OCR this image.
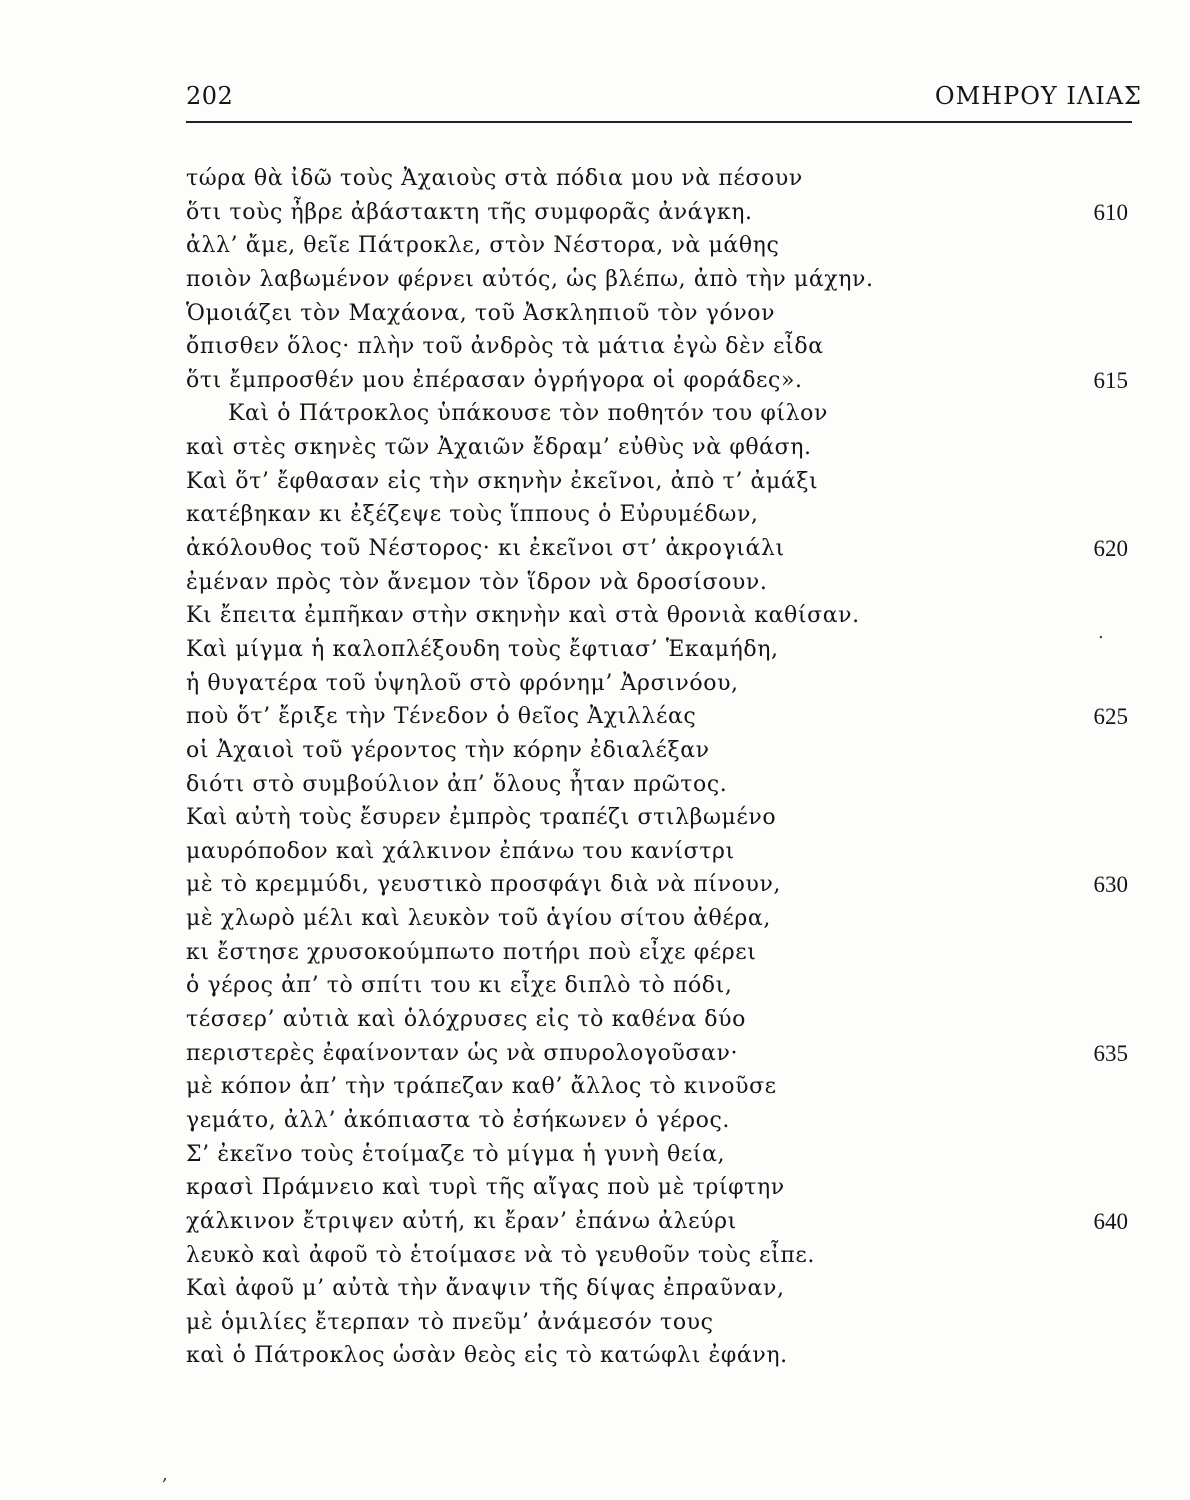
202	ΟΜΗΡΟΥ ΙΛΙΑΣ
τώρα θὰ ἰδῶ τοὺς Ἀχαιοὺς στὰ πόδια μου νὰ πέσουν
ὅτι τοὺς ἦβρε ἀβάστακτη τῆς συμφορᾶς ἀνάγκη.	610
ἀλλ’ ἄμε, θεῖε Πάτροκλε, στὸν Νέστορα, νὰ μάθης
ποιὸν λαβωμένον φέρνει αὐτός, ὡς βλέπω, ἀπὸ τὴν μάχην.
Ὁμοιάζει τὸν Μαχάονα, τοῦ Ἀσκληπιοῦ τὸν γόνον
ὄπισθεν ὅλος· πλὴν τοῦ ἀνδρὸς τὰ μάτια ἐγὼ δὲν εἶδα
ὅτι ἔμπροσθέν μου ἐπέρασαν ὀγρήγορα οἱ φοράδες».	615
Καὶ ὁ Πάτροκλος ὑπάκουσε τὸν ποθητόν του φίλον
καὶ στὲς σκηνὲς τῶν Ἀχαιῶν ἔδραμ’ εὐθὺς νὰ φθάση.
Καὶ ὅτ’ ἔφθασαν εἰς τὴν σκηνὴν ἐκεῖνοι, ἀπὸ τ’ ἀμάξι
κατέβηκαν κι ἐξέζεψε τοὺς ἵππους ὁ Εὐρυμέδων,
ἀκόλουθος τοῦ Νέστορος· κι ἐκεῖνοι στ’ ἀκρογιάλι	620
ἐμέναν πρὸς τὸν ἄνεμον τὸν ἵδρον νὰ δροσίσουν.
Κι ἔπειτα ἐμπῆκαν στὴν σκηνὴν καὶ στὰ θρονιὰ καθίσαν.
Καὶ μίγμα ἡ καλοπλέξουδη τοὺς ἔφτιασ’ Ἑκαμήδη,
ἡ θυγατέρα τοῦ ὑψηλοῦ στὸ φρόνημ’ Ἀρσινόου,
ποὺ ὅτ’ ἔριξε τὴν Τένεδον ὁ θεῖος Ἀχιλλέας	625
οἱ Ἀχαιοὶ τοῦ γέροντος τὴν κόρην ἐδιαλέξαν
διότι στὸ συμβούλιον ἀπ’ ὅλους ἦταν πρῶτος.
Καὶ αὐτὴ τοὺς ἔσυρεν ἐμπρὸς τραπέζι στιλβωμένο
μαυρόποδον καὶ χάλκινον ἐπάνω του κανίστρι
μὲ τὸ κρεμμύδι, γευστικὸ προσφάγι διὰ νὰ πίνουν,	630
μὲ χλωρὸ μέλι καὶ λευκὸν τοῦ ἁγίου σίτου ἀθέρα,
κι ἔστησε χρυσοκούμπωτο ποτήρι ποὺ εἶχε φέρει
ὁ γέρος ἀπ’ τὸ σπίτι του κι εἶχε διπλὸ τὸ πόδι,
τέσσερ’ αὐτιὰ καὶ ὁλόχρυσες εἰς τὸ καθένα δύο
περιστερὲς ἐφαίνονταν ὡς νὰ σπυρολογοῦσαν·	635
μὲ κόπον ἀπ’ τὴν τράπεζαν καθ’ ἄλλος τὸ κινοῦσε
γεμάτο, ἀλλ’ ἀκόπιαστα τὸ ἐσήκωνεν ὁ γέρος.
Σ’ ἐκεῖνο τοὺς ἑτοίμαζε τὸ μίγμα ἡ γυνὴ θεία,
κρασὶ Πράμνειο καὶ τυρὶ τῆς αἴγας ποὺ μὲ τρίφτην
χάλκινον ἔτριψεν αὐτή, κι ἔραν’ ἐπάνω ἀλεύρι	640
λευκὸ καὶ ἀφοῦ τὸ ἑτοίμασε νὰ τὸ γευθοῦν τοὺς εἶπε.
Καὶ ἀφοῦ μ’ αὐτὰ τὴν ἄναψιν τῆς δίψας ἐπραῦναν,
μὲ ὁμιλίες ἔτερπαν τὸ πνεῦμ’ ἀνάμεσόν τους
καὶ ὁ Πάτροκλος ὡσὰν θεὸς εἰς τὸ κατώφλι ἐφάνη.
.
,
